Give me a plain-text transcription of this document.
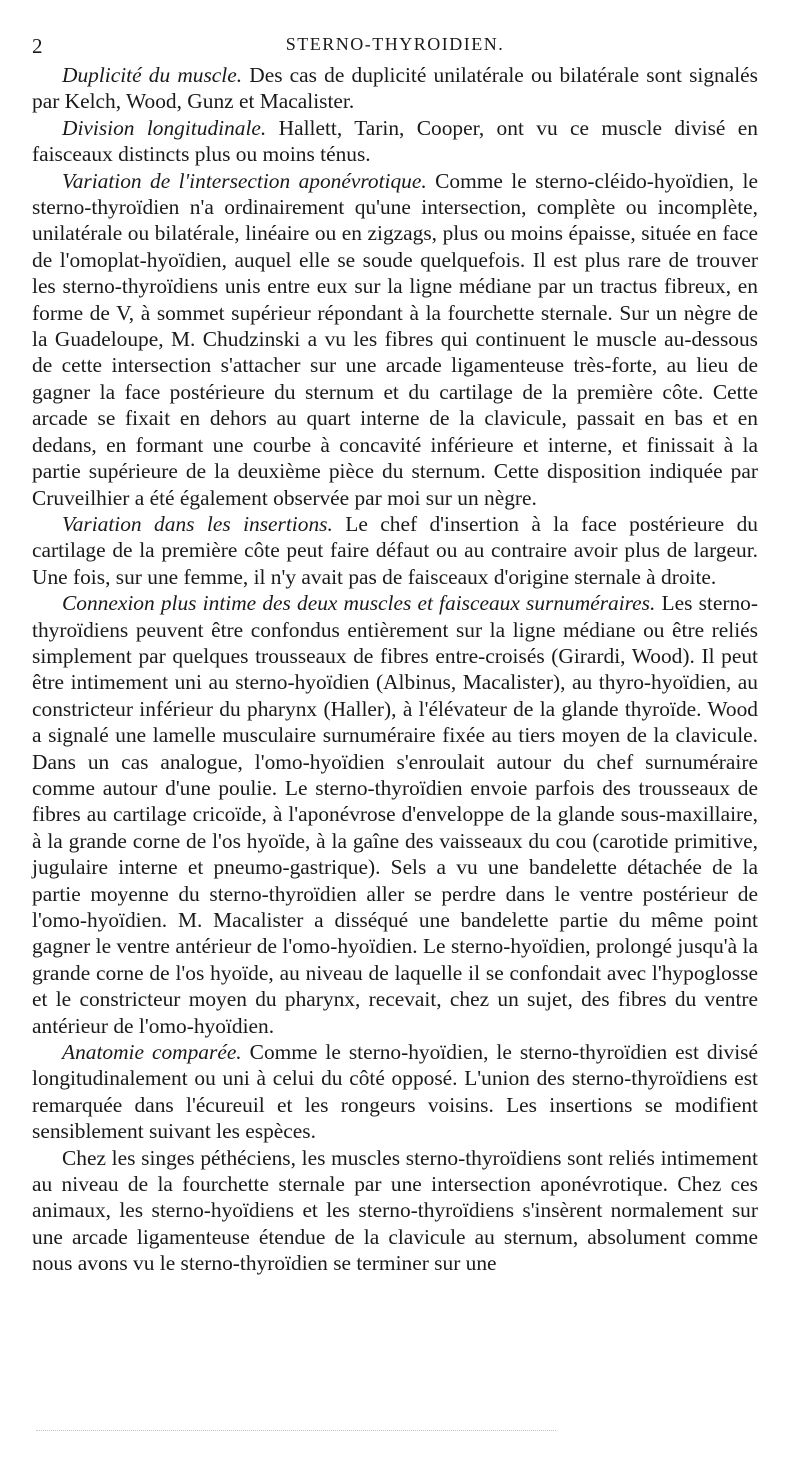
2	STERNO-THYROIDIEN.

Duplicité du muscle. Des cas de duplicité unilatérale ou bilatérale sont signalés par Kelch, Wood, Gunz et Macalister.

Division longitudinale. Hallett, Tarin, Cooper, ont vu ce muscle divisé en faisceaux distincts plus ou moins ténus.

Variation de l'intersection aponévrotique. Comme le sterno-cléido-hyoïdien, le sterno-thyroïdien n'a ordinairement qu'une intersection, complète ou incomplète, unilatérale ou bilatérale, linéaire ou en zigzags, plus ou moins épaisse, située en face de l'omoplat-hyoïdien, auquel elle se soude quelquefois. Il est plus rare de trouver les sterno-thyroïdiens unis entre eux sur la ligne médiane par un tractus fibreux, en forme de V, à sommet supérieur répondant à la fourchette sternale. Sur un nègre de la Guadeloupe, M. Chudzinski a vu les fibres qui continuent le muscle au-dessous de cette intersection s'attacher sur une arcade ligamenteuse très-forte, au lieu de gagner la face postérieure du sternum et du cartilage de la première côte. Cette arcade se fixait en dehors au quart interne de la clavicule, passait en bas et en dedans, en formant une courbe à concavité inférieure et interne, et finissait à la partie supérieure de la deuxième pièce du sternum. Cette disposition indiquée par Cruveilhier a été également observée par moi sur un nègre.

Variation dans les insertions. Le chef d'insertion à la face postérieure du cartilage de la première côte peut faire défaut ou au contraire avoir plus de largeur. Une fois, sur une femme, il n'y avait pas de faisceaux d'origine sternale à droite.

Connexion plus intime des deux muscles et faisceaux surnuméraires. Les sterno-thyroïdiens peuvent être confondus entièrement sur la ligne médiane ou être reliés simplement par quelques trousseaux de fibres entre-croisés (Girardi, Wood). Il peut être intimement uni au sterno-hyoïdien (Albinus, Macalister), au thyro-hyoïdien, au constricteur inférieur du pharynx (Haller), à l'élévateur de la glande thyroïde. Wood a signalé une lamelle musculaire surnuméraire fixée au tiers moyen de la clavicule. Dans un cas analogue, l'omo-hyoïdien s'enroulait autour du chef surnuméraire comme autour d'une poulie. Le sterno-thyroïdien envoie parfois des trousseaux de fibres au cartilage cricoïde, à l'aponévrose d'enveloppe de la glande sous-maxillaire, à la grande corne de l'os hyoïde, à la gaîne des vaisseaux du cou (carotide primitive, jugulaire interne et pneumo-gastrique). Sels a vu une bandelette détachée de la partie moyenne du sterno-thyroïdien aller se perdre dans le ventre postérieur de l'omo-hyoïdien. M. Macalister a disséqué une bandelette partie du même point gagner le ventre antérieur de l'omo-hyoïdien. Le sterno-hyoïdien, prolongé jusqu'à la grande corne de l'os hyoïde, au niveau de laquelle il se confondait avec l'hypoglosse et le constricteur moyen du pharynx, recevait, chez un sujet, des fibres du ventre antérieur de l'omo-hyoïdien.

Anatomie comparée. Comme le sterno-hyoïdien, le sterno-thyroïdien est divisé longitudinalement ou uni à celui du côté opposé. L'union des sterno-thyroïdiens est remarquée dans l'écureuil et les rongeurs voisins. Les insertions se modifient sensiblement suivant les espèces.

Chez les singes péthéciens, les muscles sterno-thyroïdiens sont reliés intimement au niveau de la fourchette sternale par une intersection aponévrotique. Chez ces animaux, les sterno-hyoïdiens et les sterno-thyroïdiens s'insèrent normalement sur une arcade ligamenteuse étendue de la clavicule au sternum, absolument comme nous avons vu le sterno-thyroïdien se terminer sur une
